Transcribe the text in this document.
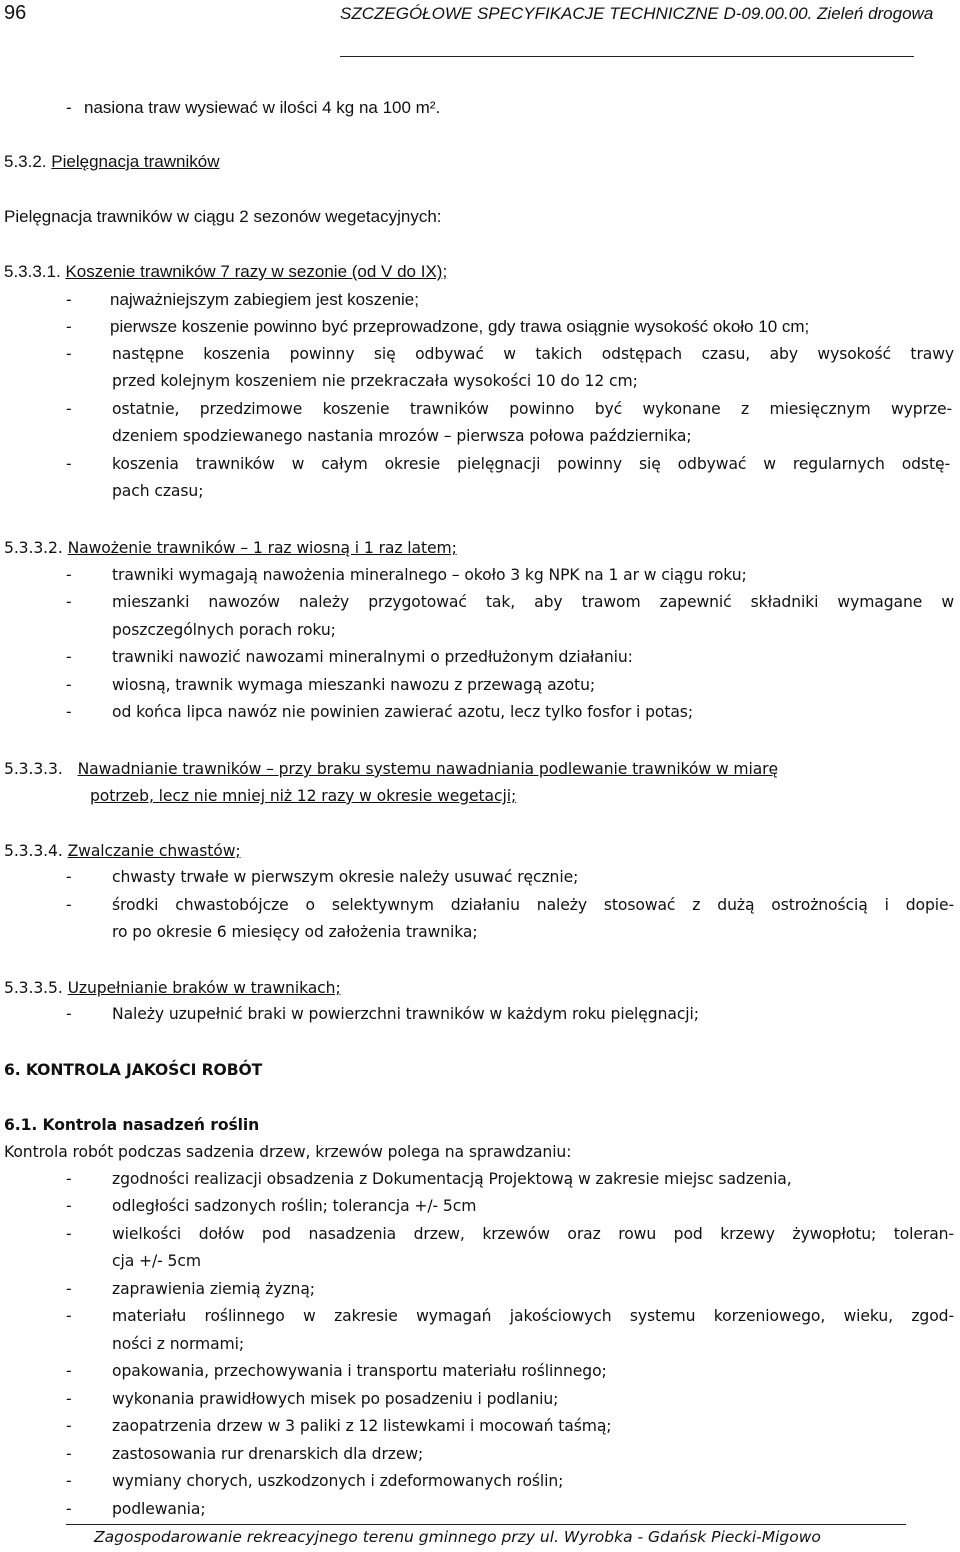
96	SZCZEGÓŁOWE SPECYFIKACJE TECHNICZNE D-09.00.00. Zieleń drogowa
- nasiona traw wysiewać w ilości 4 kg na 100 m².
5.3.2. Pielęgnacja trawników
Pielęgnacja trawników w ciągu 2 sezonów wegetacyjnych:
5.3.3.1. Koszenie trawników 7 razy w sezonie (od V do IX);
- najważniejszym zabiegiem jest koszenie;
- pierwsze koszenie powinno być przeprowadzone, gdy trawa osiągnie wysokość około 10 cm;
-	następne koszenia powinny się odbywać w takich odstępach czasu, aby wysokość trawy
przed kolejnym koszeniem nie przekraczała wysokości 10 do 12 cm;
-	ostatnie, przedzimowe koszenie trawników powinno być wykonane z miesięcznym wyprze-
dzeniem spodziewanego nastania mrozów – pierwsza połowa października;
-	koszenia trawników w całym okresie pielęgnacji powinny się odbywać w regularnych odstę-
pach czasu;
5.3.3.2. Nawożenie trawników – 1 raz wiosną i 1 raz latem;
-	trawniki wymagają nawożenia mineralnego – około 3 kg NPK na 1 ar w ciągu roku;
-	mieszanki nawozów należy przygotować tak, aby trawom zapewnić składniki wymagane w
poszczególnych porach roku;
-	trawniki nawozić nawozami mineralnymi o przedłużonym działaniu:
-	wiosną, trawnik wymaga mieszanki nawozu z przewagą azotu;
-	od końca lipca nawóz nie powinien zawierać azotu, lecz tylko fosfor i potas;
5.3.3.3. Nawadnianie trawników – przy braku systemu nawadniania podlewanie trawników w miarę
potrzeb, lecz nie mniej niż 12 razy w okresie wegetacji;
5.3.3.4. Zwalczanie chwastów;
-	chwasty trwałe w pierwszym okresie należy usuwać ręcznie;
-	środki chwastobójcze o selektywnym działaniu należy stosować z dużą ostrożnością i dopie-
ro po okresie 6 miesięcy od założenia trawnika;
5.3.3.5. Uzupełnianie braków w trawnikach;
-	Należy uzupełnić braki w powierzchni trawników w każdym roku pielęgnacji;
6. KONTROLA JAKOŚCI ROBÓT
6.1. Kontrola nasadzeń roślin
Kontrola robót podczas sadzenia drzew, krzewów polega na sprawdzaniu:
-	zgodności realizacji obsadzenia z Dokumentacją Projektową w zakresie miejsc sadzenia,
-	odległości sadzonych roślin; tolerancja +/- 5cm
-	wielkości dołów pod nasadzenia drzew, krzewów oraz rowu pod krzewy żywopłotu; toleran-
cja +/- 5cm
-	zaprawienia ziemią żyzną;
-	materiału roślinnego w zakresie wymagań jakościowych systemu korzeniowego, wieku, zgod-
ności z normami;
-	opakowania, przechowywania i transportu materiału roślinnego;
-	wykonania prawidłowych misek po posadzeniu i podlaniu;
-	zaopatrzenia drzew w 3 paliki z 12 listewkami i mocowań taśmą;
-	zastosowania rur drenarskich dla drzew;
-	wymiany chorych, uszkodzonych i zdeformowanych roślin;
-	podlewania;
Zagospodarowanie rekreacyjnego terenu gminnego przy ul. Wyrobka - Gdańsk Piecki-Migowo
